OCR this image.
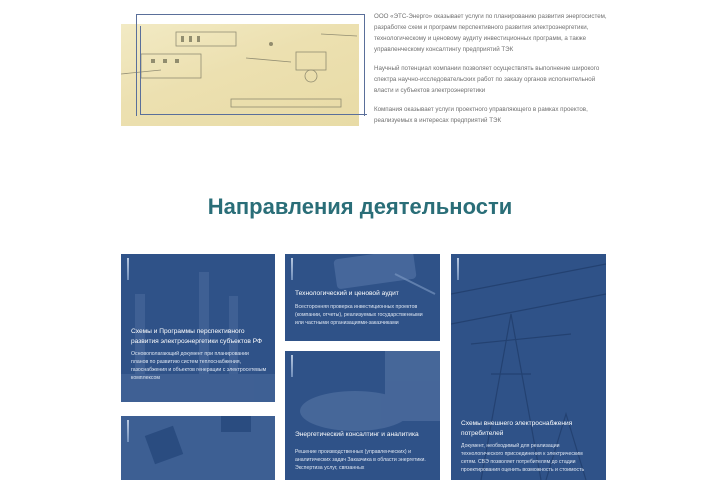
ООО «ЭТС-Энерго» оказывает услуги по планированию развития энергосистем, разработке схем и программ перспективного развития электроэнергетики, технологическому и ценовому аудиту инвестиционных программ, а также управленческому консалтингу предприятий ТЭК

Научный потенциал компании позволяет осуществлять выполнение широкого спектра научно-исследовательских работ по заказу органов исполнительной власти и субъектов электроэнергетики

Компания оказывает услуги проектного управляющего в рамках проектов, реализуемых в интересах предприятий ТЭК

Направления деятельности
Схемы и Программы перспективного развития электроэнергетики субъектов РФ
Основополагающий документ при планировании планов по развитию систем теплоснабжения, газоснабжения и объектов генерации с электросетевым комплексом
Технологический и ценовой аудит
Всесторонняя проверка инвестиционных проектов (компании, отчеты), реализуемых государственными или частными организациями-заказчиками
Энергетический консалтинг и аналитика
Решение производственных (управленческих) и аналитических задач Заказчика в области энергетики. Экспертиза услуг, связанных
Схемы внешнего электроснабжения потребителей
Документ, необходимый для реализации технологического присоединения к электрическим сетям. СВЭ позволяет потребителям до стадии проектирования оценить возможность и стоимость
